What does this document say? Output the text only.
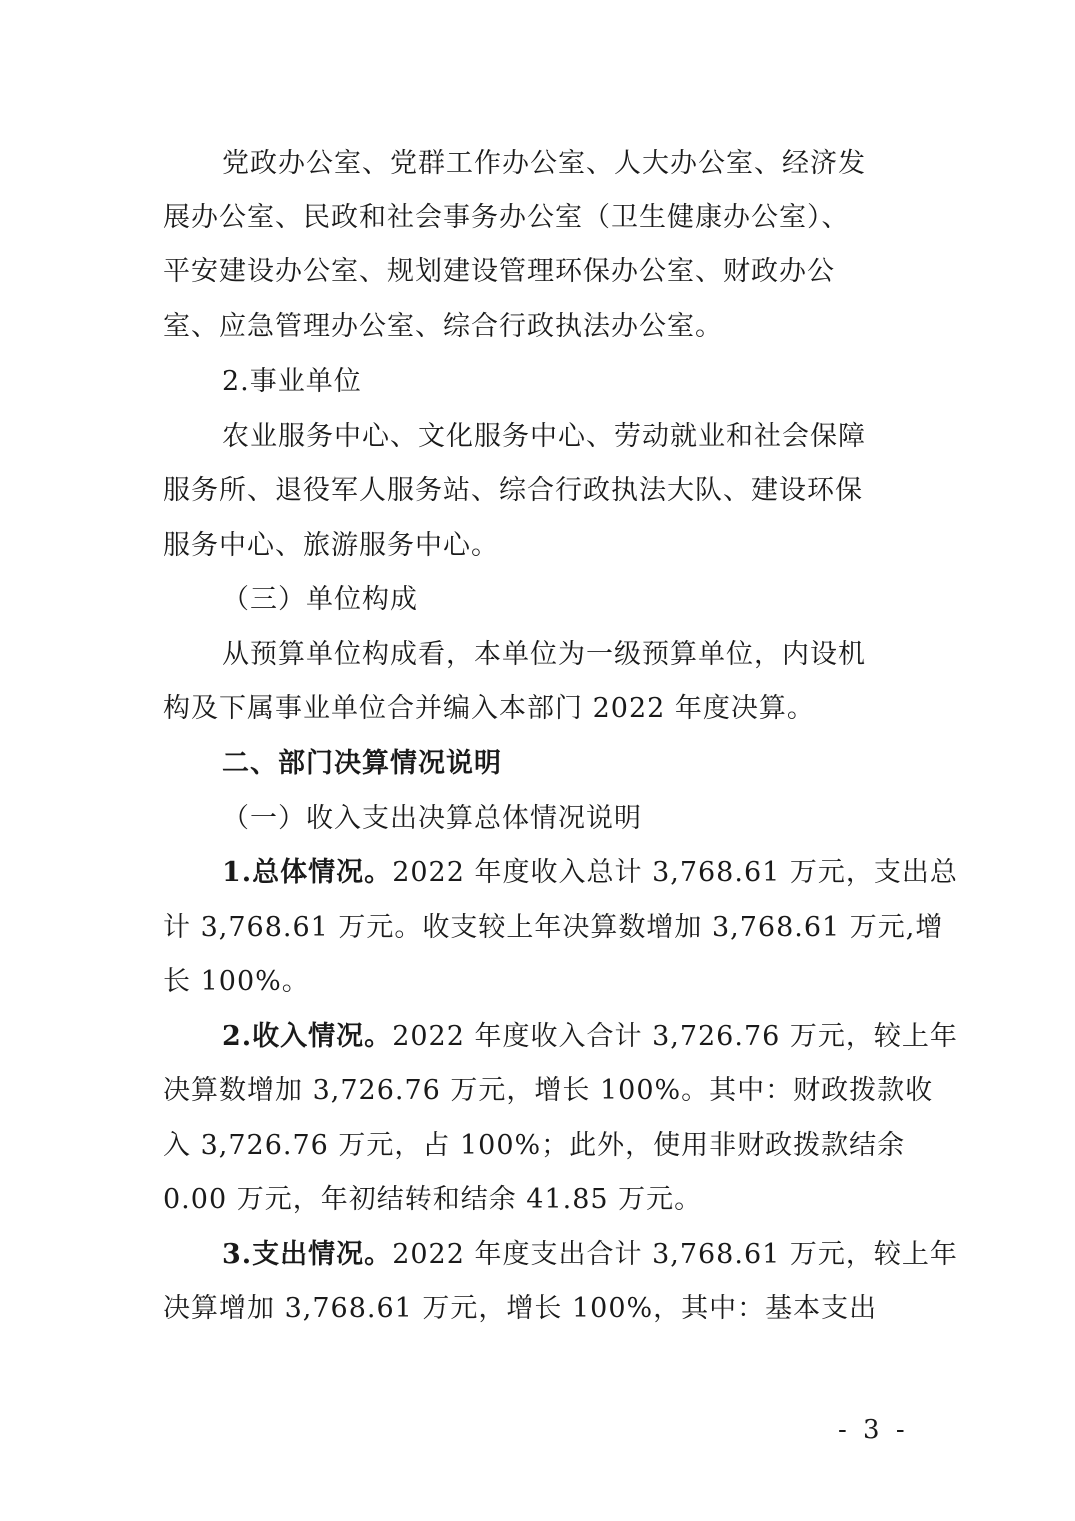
党政办公室、党群工作办公室、人大办公室、经济发
展办公室、民政和社会事务办公室（卫生健康办公室）、
平安建设办公室、规划建设管理环保办公室、财政办公
室、应急管理办公室、综合行政执法办公室。
2.事业单位
农业服务中心、文化服务中心、劳动就业和社会保障
服务所、退役军人服务站、综合行政执法大队、建设环保
服务中心、旅游服务中心。
（三）单位构成
从预算单位构成看，本单位为一级预算单位，内设机
构及下属事业单位合并编入本部门 2022 年度决算。
二、部门决算情况说明
（一）收入支出决算总体情况说明
1.总体情况。2022 年度收入总计 3,768.61 万元，支出总
计 3,768.61 万元。收支较上年决算数增加 3,768.61 万元,增
长 100%。
2.收入情况。2022 年度收入合计 3,726.76 万元，较上年
决算数增加 3,726.76 万元，增长 100%。其中：财政拨款收
入 3,726.76 万元，占 100%；此外，使用非财政拨款结余
0.00 万元，年初结转和结余 41.85 万元。
3.支出情况。2022 年度支出合计 3,768.61 万元，较上年
决算增加 3,768.61 万元，增长 100%，其中：基本支出
- 3 -
